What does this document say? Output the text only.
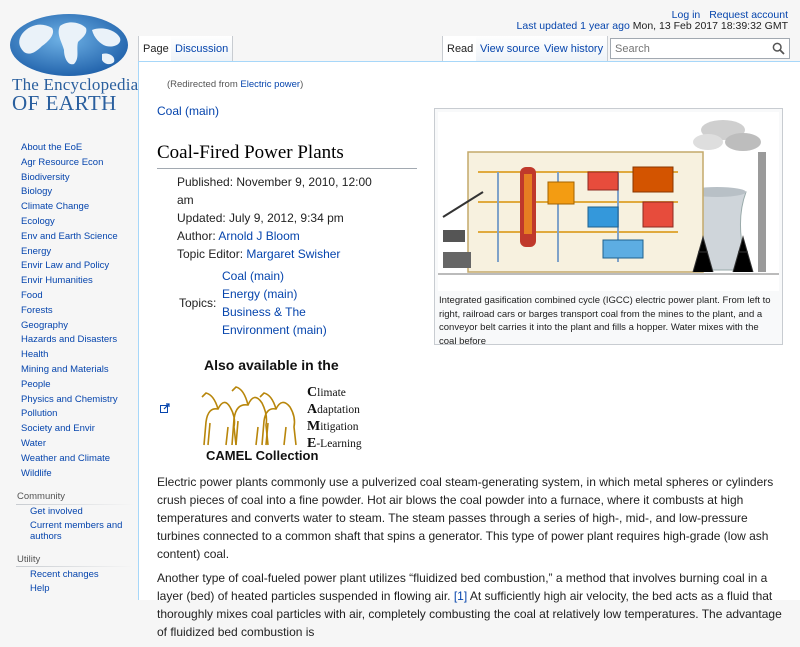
The Encyclopedia
OF EARTH
Log in Request account
Last updated 1 year ago Mon, 13 Feb 2017 18:39:32 GMT
Page Discussion	Read View source View history
Search
About the EoE
Agr Resource Econ
Biodiversity
Biology
Climate Change
Ecology
Env and Earth Science
Energy
Envir Law and Policy
Envir Humanities
Food
Forests
Geography
Hazards and Disasters
Health
Mining and Materials
People
Physics and Chemistry
Pollution
Society and Envir
Water
Weather and Climate
Wildlife
Community
Get involved
Current members and authors
Utility
Recent changes
Help
(Redirected from Electric power)
Coal (main)
Coal-Fired Power Plants
Published: November 9, 2010, 12:00 am
Updated: July 9, 2012, 9:34 pm
Author: Arnold J Bloom
Topic Editor: Margaret Swisher
Topics:
Coal (main)
Energy (main)
Business & The Environment (main)
Integrated gasification combined cycle (IGCC) electric power plant. From left to right, railroad cars or barges transport coal from the mines to the plant, and a conveyor belt carries it into the plant and fills a hopper. Water mixes with the coal before
Also available in the
Climate
Adaptation
Mitigation
E-Learning
CAMEL Collection

Electric power plants commonly use a pulverized coal steam-generating system, in which metal spheres or cylinders crush pieces of coal into a fine powder. Hot air blows the coal powder into a furnace, where it combusts at high temperatures and converts water to steam. The steam passes through a series of high-, mid-, and low-pressure turbines connected to a common shaft that spins a generator. This type of power plant requires high-grade (low ash content) coal.

Another type of coal-fueled power plant utilizes “fluidized bed combustion,” a method that involves burning coal in a layer (bed) of heated particles suspended in flowing air. [1] At sufficiently high air velocity, the bed acts as a fluid that thoroughly mixes coal particles with air, completely combusting the coal at relatively low temperatures. The advantage of fluidized bed combustion is
